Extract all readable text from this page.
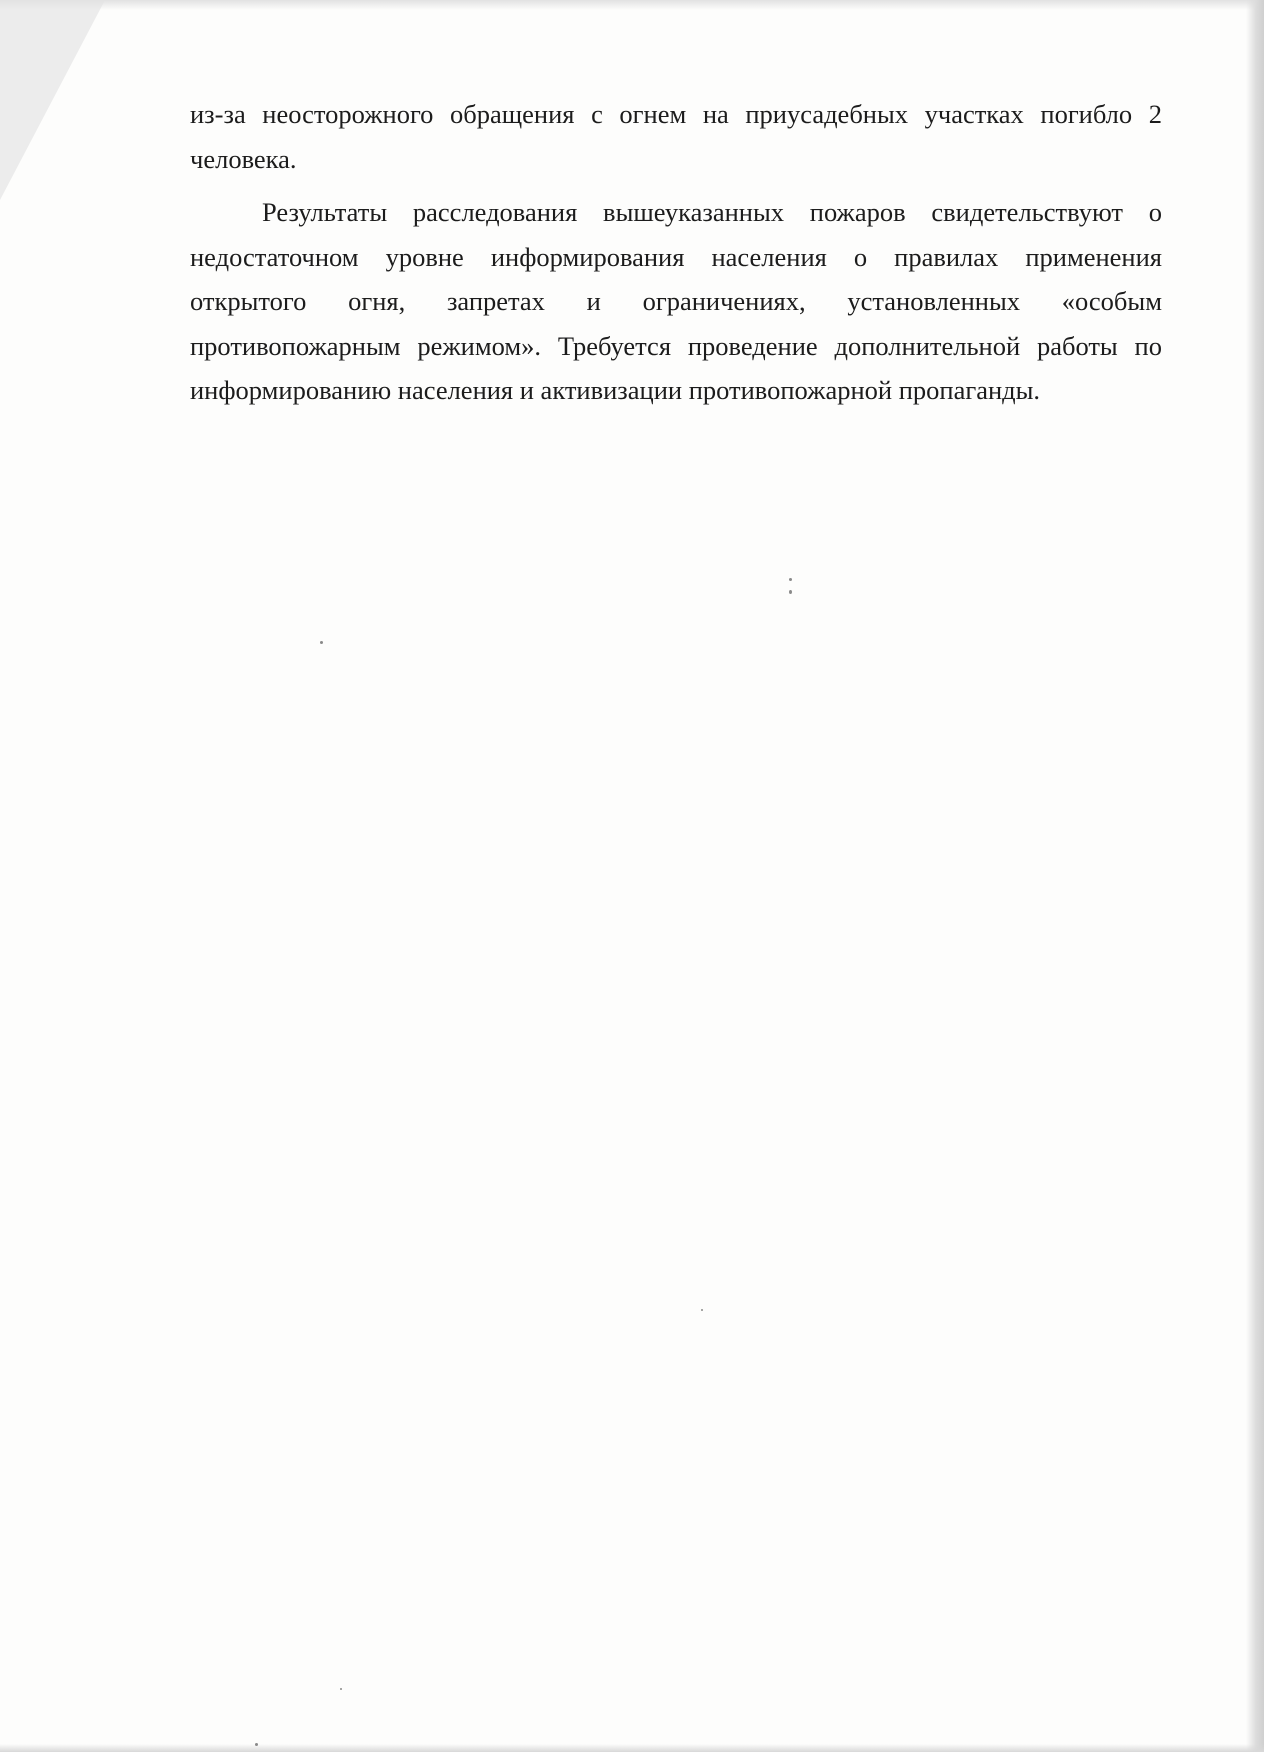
из-за неосторожного обращения с огнем на приусадебных участках погибло 2 человека.

Результаты расследования вышеуказанных пожаров свидетельствуют о недостаточном уровне информирования населения о правилах применения открытого огня, запретах и ограничениях, установленных «особым противопожарным режимом». Требуется проведение дополнительной работы по информированию населения и активизации противопожарной пропаганды.
